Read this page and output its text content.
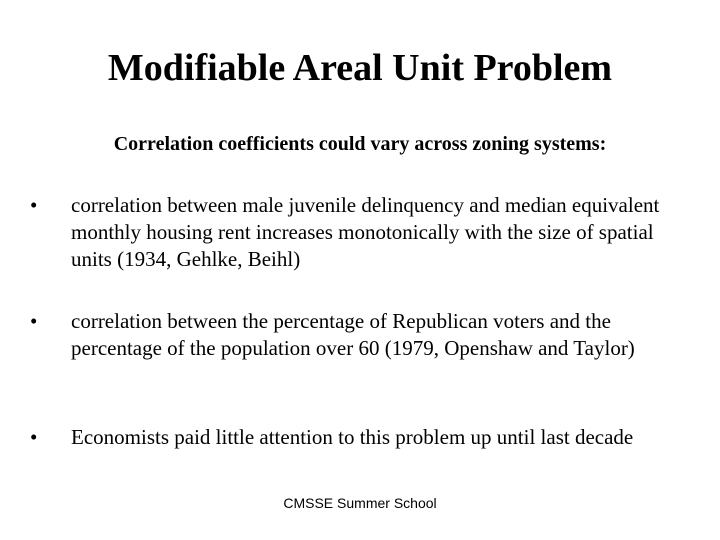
Modifiable Areal Unit Problem

Correlation coefficients could vary across zoning systems:

•	correlation between male juvenile delinquency and median equivalent monthly housing rent increases monotonically with the size of spatial units (1934, Gehlke, Beihl)
•	correlation between the percentage of Republican voters and the percentage of the population over 60 (1979, Openshaw and Taylor)
•	Economists paid little attention to this problem up until last decade
CMSSE Summer School
